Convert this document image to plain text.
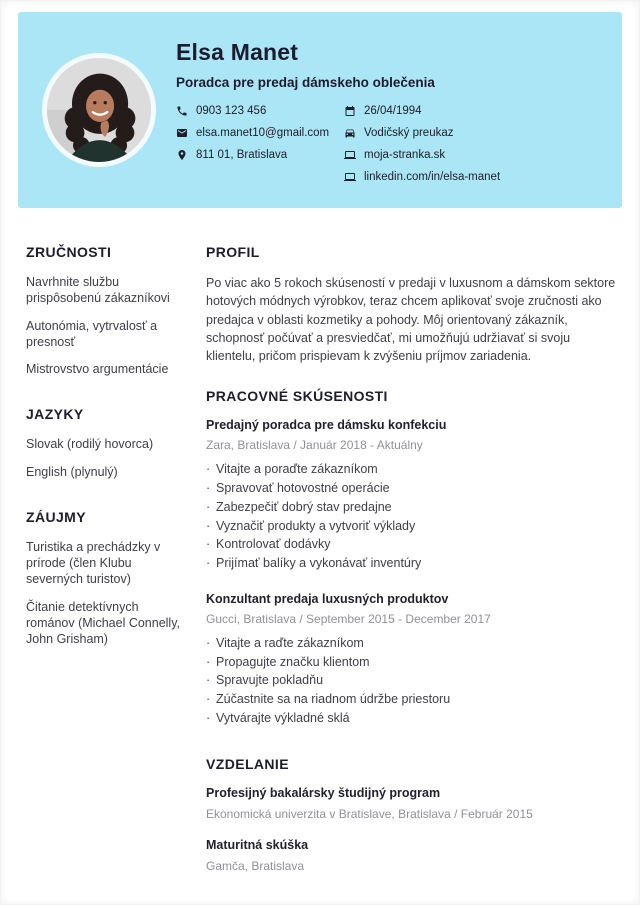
Elsa Manet
Poradca pre predaj dámskeho oblečenia
0903 123 456
elsa.manet10@gmail.com
811 01, Bratislava
26/04/1994
Vodičský preukaz
moja-stranka.sk
linkedin.com/in/elsa-manet
ZRUČNOSTI
Navrhnite službu prispôsobenú zákazníkovi
Autonómia, vytrvalosť a presnosť
Mistrovstvo argumentácie
JAZYKY
Slovak (rodilý hovorca)
English (plynulý)
ZÁUJMY
Turistika a prechádzky v prírode (člen Klubu severných turistov)
Čitanie detektívnych románov (Michael Connelly, John Grisham)
PROFIL
Po viac ako 5 rokoch skúseností v predaji v luxusnom a dámskom sektore hotových módnych výrobkov, teraz chcem aplikovať svoje zručnosti ako predajca v oblasti kozmetiky a pohody. Môj orientovaný zákazník, schopnosť počúvať a presviedčať, mi umožňujú udržiavať si svoju klientelu, pričom prispievam k zvýšeniu príjmov zariadenia.
PRACOVNÉ SKÚSENOSTI
Predajný poradca pre dámsku konfekciu
Zara, Bratislava / Január 2018 - Aktuálny
· Vitajte a poraďte zákazníkom
· Spravovať hotovostné operácie
· Zabezpečiť dobrý stav predajne
· Vyznačiť produkty a vytvoriť výklady
· Kontrolovať dodávky
· Prijímať balíky a vykonávať inventúry
Konzultant predaja luxusných produktov
Gucci, Bratislava / September 2015 - December 2017
· Vitajte a raďte zákazníkom
· Propagujte značku klientom
· Spravujte pokladňu
· Zúčastnite sa na riadnom údržbe priestoru
· Vytvárajte výkladné sklá
VZDELANIE
Profesijný bakalársky študijný program
Ekonomická univerzita v Bratislave, Bratislava / Február 2015
Maturitná skúška
Gamča, Bratislava
